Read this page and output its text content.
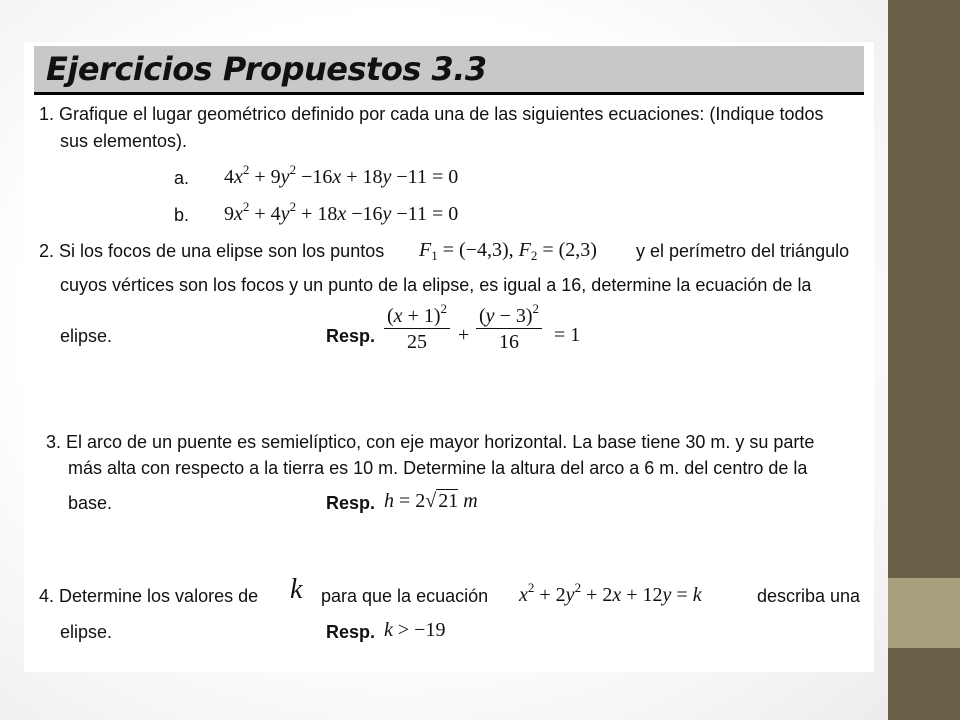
Ejercicios Propuestos 3.3
1. Grafique el lugar geométrico definido por cada una de las siguientes ecuaciones: (Indique todos
sus elementos).
a. $4x^2 + 9y^2 -16x + 18y -11 = 0$
b. $9x^2 + 4y^2 + 18x -16y -11 = 0$
2. Si los focos de una elipse son los puntos $F_1 = (-4,3)$, $F_2 = (2,3)$ y el perímetro del triángulo
cuyos vértices son los focos y un punto de la elipse, es igual a 16, determine la ecuación de la
elipse.	Resp. $\frac{(x + 1)^2}{25} + \frac{(y - 3)^2}{16} = 1$
3. El arco de un puente es semielíptico, con eje mayor horizontal. La base tiene 30 m. y su parte
más alta con respecto a la tierra es 10 m. Determine la altura del arco a 6 m. del centro de la
base.	Resp. h = 2√ 21 m
4. Determine los valores de k para que la ecuación $x^2 + 2y^2 + 2x + 12y = k$	describa una
elipse.	Resp. k > −19
